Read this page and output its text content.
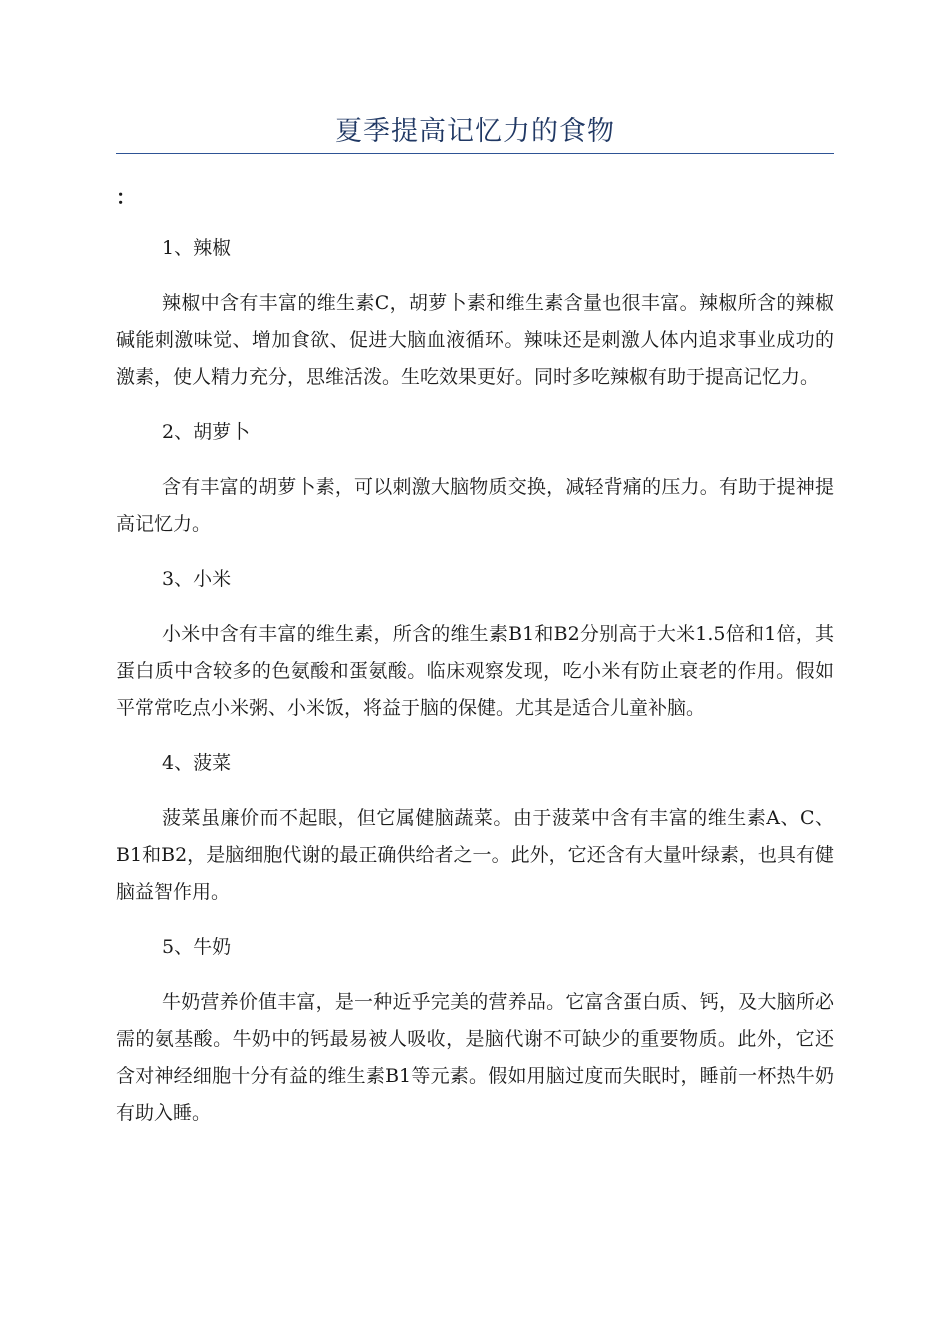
夏季提高记忆力的食物
：

1、辣椒

辣椒中含有丰富的维生素C，胡萝卜素和维生素含量也很丰富。辣椒所含的辣椒碱能刺激味觉、增加食欲、促进大脑血液循环。辣味还是刺激人体内追求事业成功的激素，使人精力充分，思维活泼。生吃效果更好。同时多吃辣椒有助于提高记忆力。

2、胡萝卜

含有丰富的胡萝卜素，可以刺激大脑物质交换，减轻背痛的压力。有助于提神提高记忆力。

3、小米

小米中含有丰富的维生素，所含的维生素B1和B2分别高于大米1.5倍和1倍，其蛋白质中含较多的色氨酸和蛋氨酸。临床观察发现，吃小米有防止衰老的作用。假如平常常吃点小米粥、小米饭，将益于脑的保健。尤其是适合儿童补脑。

4、菠菜

菠菜虽廉价而不起眼，但它属健脑蔬菜。由于菠菜中含有丰富的维生素A、C、B1和B2，是脑细胞代谢的最正确供给者之一。此外，它还含有大量叶绿素，也具有健脑益智作用。

5、牛奶

牛奶营养价值丰富，是一种近乎完美的营养品。它富含蛋白质、钙，及大脑所必需的氨基酸。牛奶中的钙最易被人吸收，是脑代谢不可缺少的重要物质。此外，它还含对神经细胞十分有益的维生素B1等元素。假如用脑过度而失眠时，睡前一杯热牛奶有助入睡。
